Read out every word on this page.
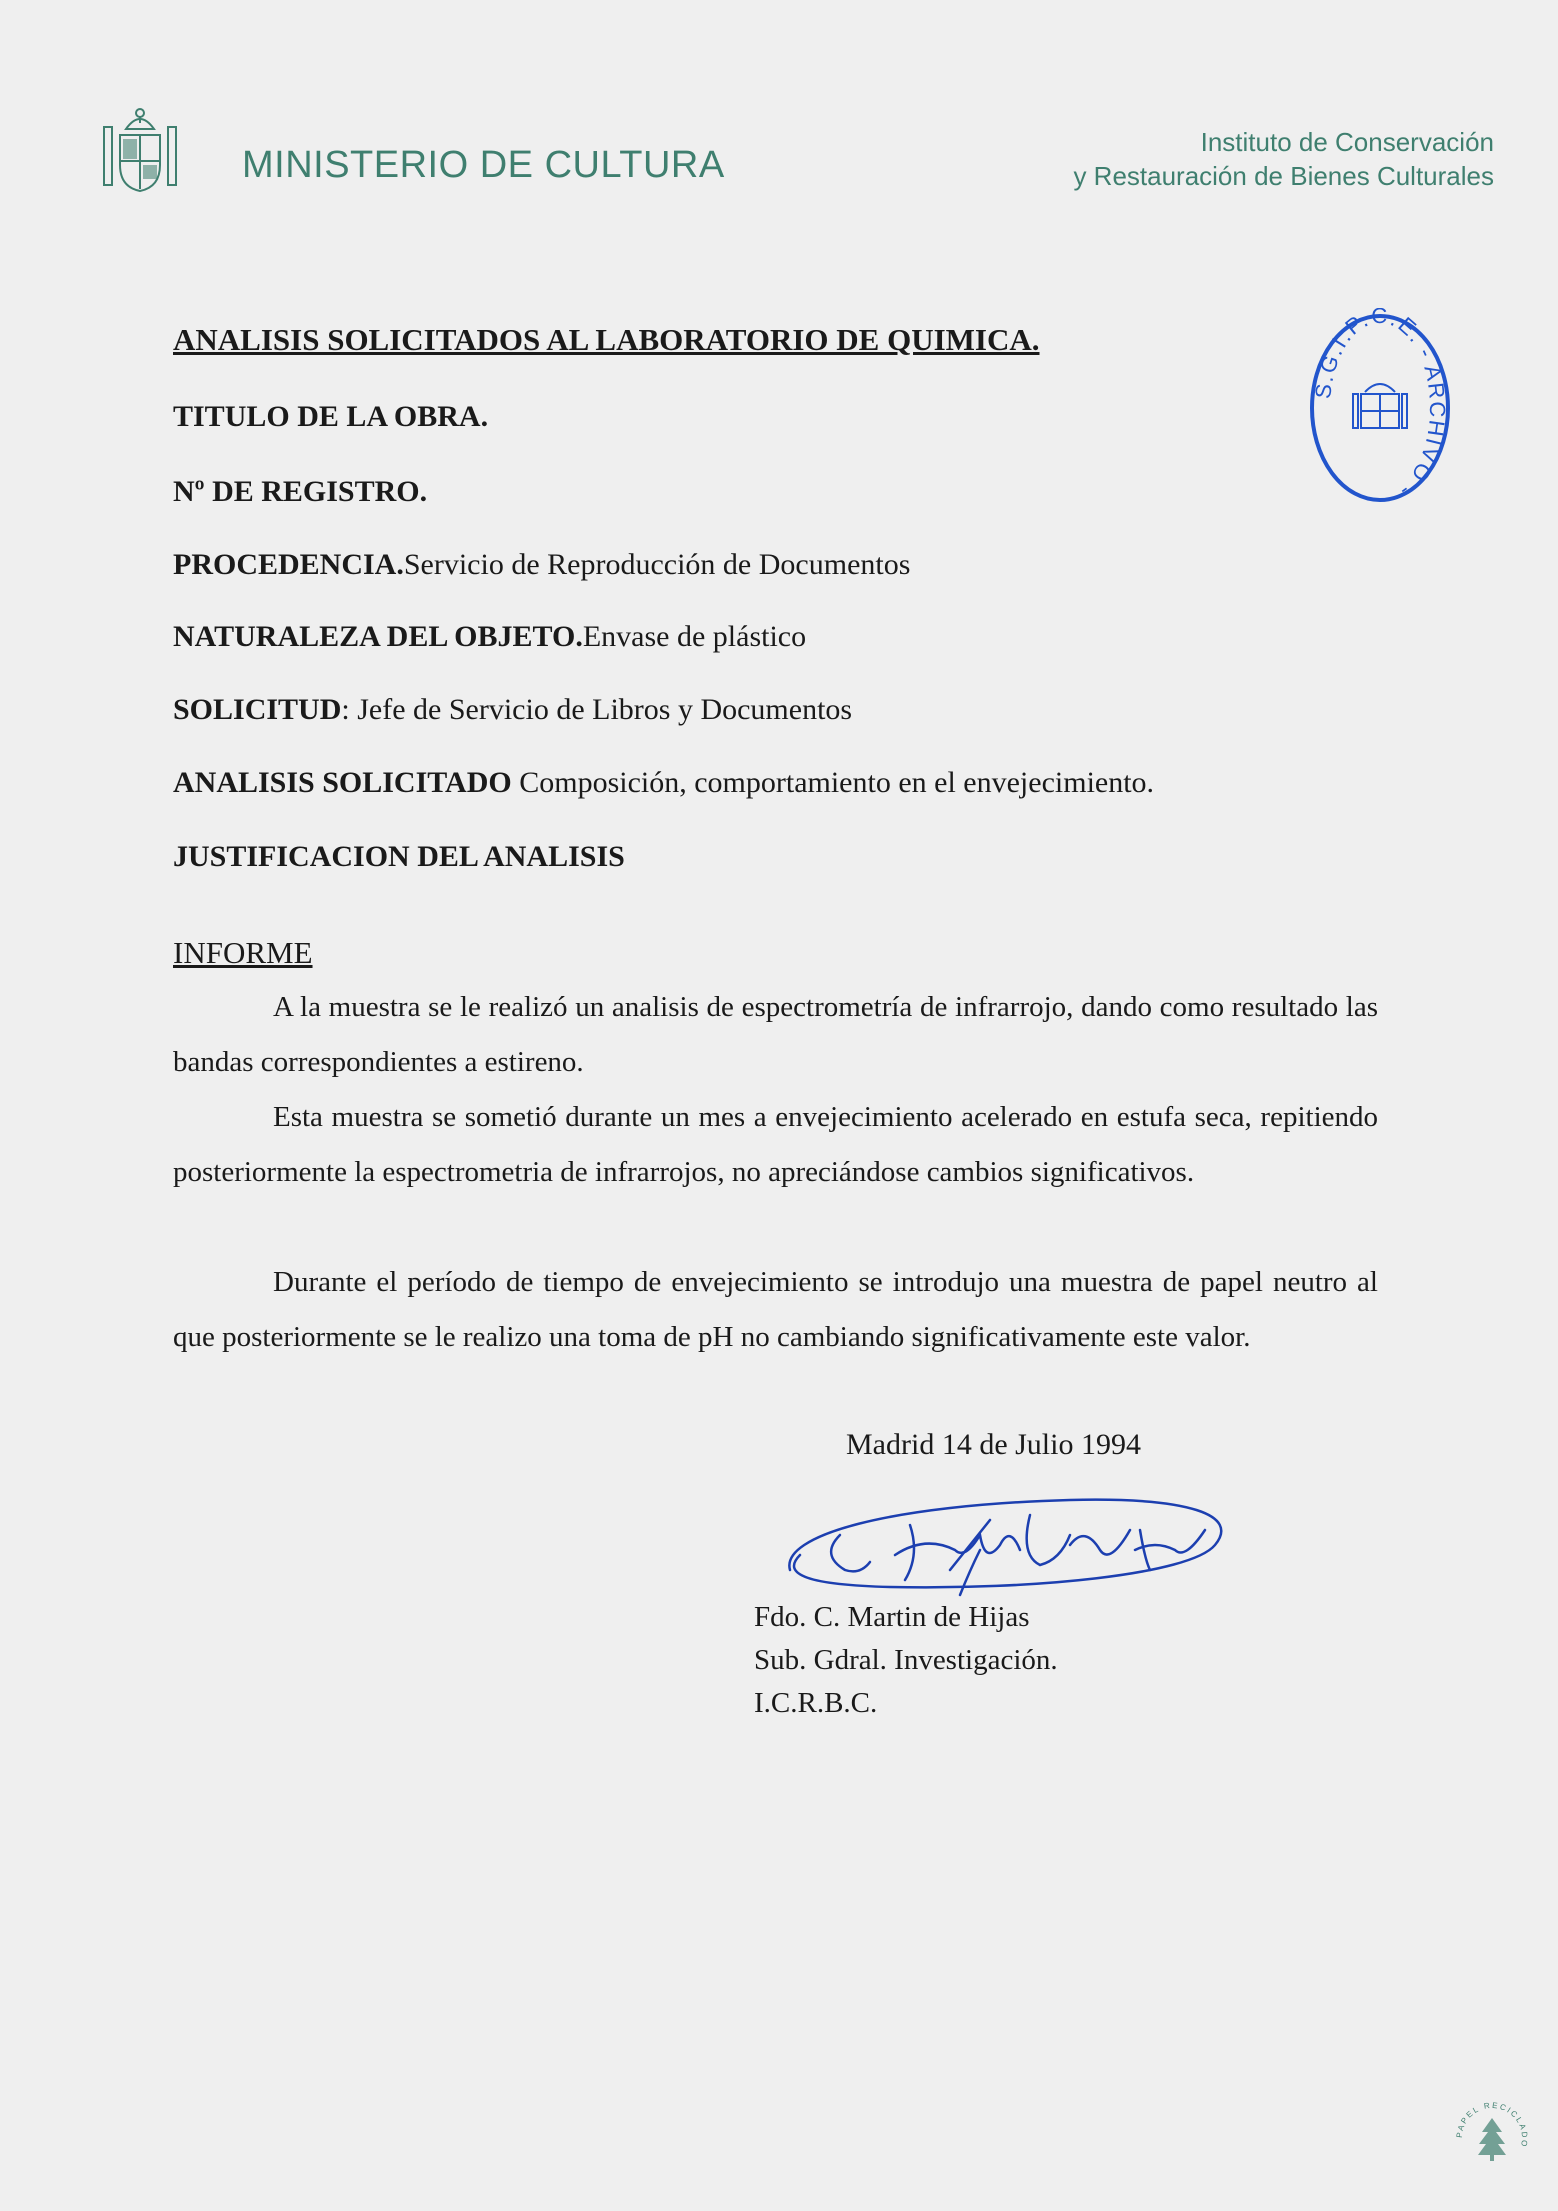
MINISTERIO DE CULTURA
Instituto de Conservación
y Restauración de Bienes Culturales
S.G.I.P.C.E. - ARCHIVO -
ANALISIS SOLICITADOS AL LABORATORIO DE QUIMICA.
TITULO DE LA OBRA.
Nº DE REGISTRO.
PROCEDENCIA.Servicio de Reproducción de Documentos
NATURALEZA DEL OBJETO.Envase de plástico
SOLICITUD: Jefe de Servicio de Libros y Documentos
ANALISIS SOLICITADO Composición, comportamiento en el envejecimiento.
JUSTIFICACION DEL ANALISIS
INFORME

A la muestra se le realizó un analisis de espectrometría de infrarrojo, dando como resultado las bandas correspondientes a estireno.

Esta muestra se sometió durante un mes a envejecimiento acelerado en estufa seca, repitiendo posteriormente la espectrometria de infrarrojos, no apreciándose cambios significativos.

Durante el período de tiempo de envejecimiento se introdujo una muestra de papel neutro al que posteriormente se le realizo una toma de pH no cambiando significativamente este valor.

Madrid 14 de Julio 1994
Fdo. C. Martin de Hijas
Sub. Gdral. Investigación.
I.C.R.B.C.
PAPEL RECICLADO
